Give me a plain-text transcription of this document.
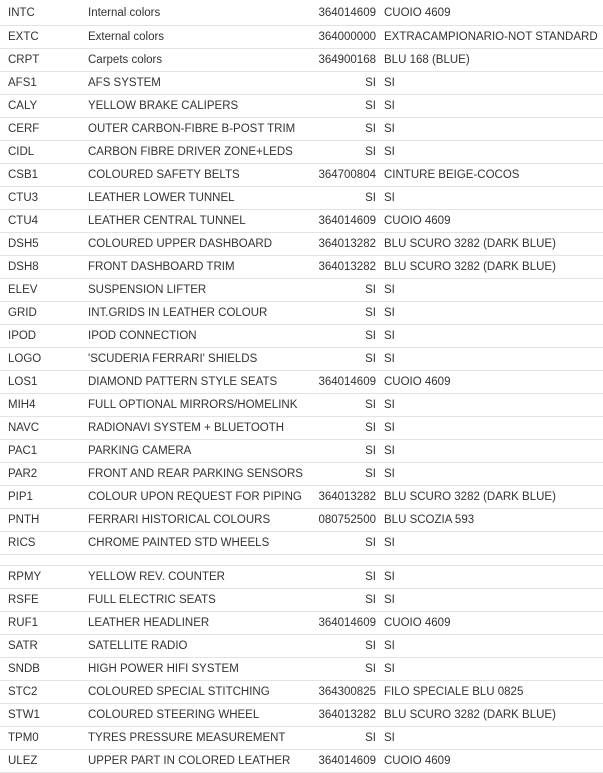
INTC	Internal colors	364014609	CUOIO 4609
EXTC	External colors	364000000	EXTRACAMPIONARIO-NOT STANDARD
CRPT	Carpets colors	364900168	BLU 168 (BLUE)
AFS1	AFS SYSTEM	SI	SI
CALY	YELLOW BRAKE CALIPERS	SI	SI
CERF	OUTER CARBON-FIBRE B-POST TRIM	SI	SI
CIDL	CARBON FIBRE DRIVER ZONE+LEDS	SI	SI
CSB1	COLOURED SAFETY BELTS	364700804	CINTURE BEIGE-COCOS
CTU3	LEATHER LOWER TUNNEL	SI	SI
CTU4	LEATHER CENTRAL TUNNEL	364014609	CUOIO 4609
DSH5	COLOURED UPPER DASHBOARD	364013282	BLU SCURO 3282 (DARK BLUE)
DSH8	FRONT DASHBOARD TRIM	364013282	BLU SCURO 3282 (DARK BLUE)
ELEV	SUSPENSION LIFTER	SI	SI
GRID	INT.GRIDS IN LEATHER COLOUR	SI	SI
IPOD	IPOD CONNECTION	SI	SI
LOGO	'SCUDERIA FERRARI' SHIELDS	SI	SI
LOS1	DIAMOND PATTERN STYLE SEATS	364014609	CUOIO 4609
MIH4	FULL OPTIONAL MIRRORS/HOMELINK	SI	SI
NAVC	RADIONAVI SYSTEM + BLUETOOTH	SI	SI
PAC1	PARKING CAMERA	SI	SI
PAR2	FRONT AND REAR PARKING SENSORS	SI	SI
PIP1	COLOUR UPON REQUEST FOR PIPING	364013282	BLU SCURO 3282 (DARK BLUE)
PNTH	FERRARI HISTORICAL COLOURS	080752500	BLU SCOZIA 593
RICS	CHROME PAINTED STD WHEELS	SI	SI

RPMY	YELLOW REV. COUNTER	SI	SI
RSFE	FULL ELECTRIC SEATS	SI	SI
RUF1	LEATHER HEADLINER	364014609	CUOIO 4609
SATR	SATELLITE RADIO	SI	SI
SNDB	HIGH POWER HIFI SYSTEM	SI	SI
STC2	COLOURED SPECIAL STITCHING	364300825	FILO SPECIALE BLU 0825
STW1	COLOURED STEERING WHEEL	364013282	BLU SCURO 3282 (DARK BLUE)
TPM0	TYRES PRESSURE MEASUREMENT	SI	SI
ULEZ	UPPER PART IN COLORED LEATHER	364014609	CUOIO 4609
